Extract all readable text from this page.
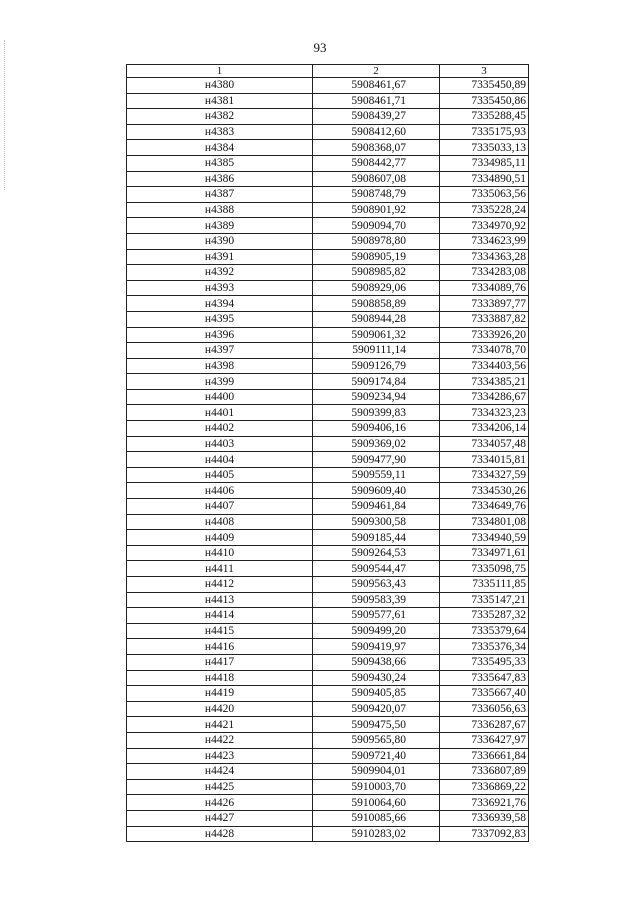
93
1	2	3
н4380	5908461,67	7335450,89
н4381	5908461,71	7335450,86
н4382	5908439,27	7335288,45
н4383	5908412,60	7335175,93
н4384	5908368,07	7335033,13
н4385	5908442,77	7334985,11
н4386	5908607,08	7334890,51
н4387	5908748,79	7335063,56
н4388	5908901,92	7335228,24
н4389	5909094,70	7334970,92
н4390	5908978,80	7334623,99
н4391	5908905,19	7334363,28
н4392	5908985,82	7334283,08
н4393	5908929,06	7334089,76
н4394	5908858,89	7333897,77
н4395	5908944,28	7333887,82
н4396	5909061,32	7333926,20
н4397	5909111,14	7334078,70
н4398	5909126,79	7334403,56
н4399	5909174,84	7334385,21
н4400	5909234,94	7334286,67
н4401	5909399,83	7334323,23
н4402	5909406,16	7334206,14
н4403	5909369,02	7334057,48
н4404	5909477,90	7334015,81
н4405	5909559,11	7334327,59
н4406	5909609,40	7334530,26
н4407	5909461,84	7334649,76
н4408	5909300,58	7334801,08
н4409	5909185,44	7334940,59
н4410	5909264,53	7334971,61
н4411	5909544,47	7335098,75
н4412	5909563,43	7335111,85
н4413	5909583,39	7335147,21
н4414	5909577,61	7335287,32
н4415	5909499,20	7335379,64
н4416	5909419,97	7335376,34
н4417	5909438,66	7335495,33
н4418	5909430,24	7335647,83
н4419	5909405,85	7335667,40
н4420	5909420,07	7336056,63
н4421	5909475,50	7336287,67
н4422	5909565,80	7336427,97
н4423	5909721,40	7336661,84
н4424	5909904,01	7336807,89
н4425	5910003,70	7336869,22
н4426	5910064,60	7336921,76
н4427	5910085,66	7336939,58
н4428	5910283,02	7337092,83
